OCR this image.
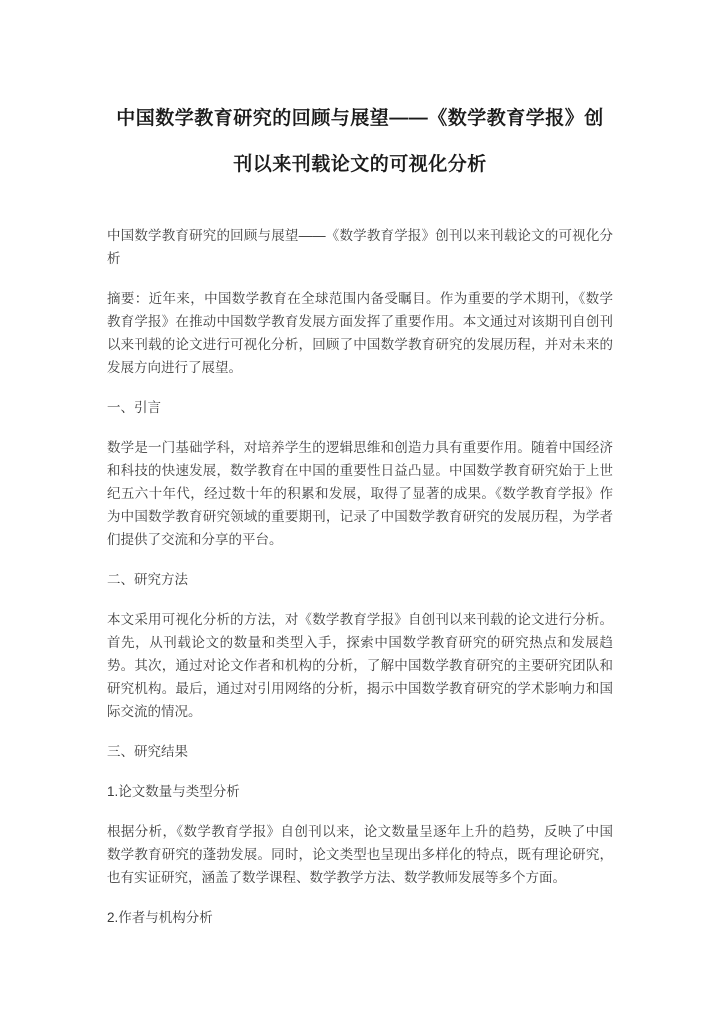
中国数学教育研究的回顾与展望——《数学教育学报》创刊以来刊载论文的可视化分析

中国数学教育研究的回顾与展望——《数学教育学报》创刊以来刊载论文的可视化分析

摘要：近年来，中国数学教育在全球范围内备受瞩目。作为重要的学术期刊，《数学教育学报》在推动中国数学教育发展方面发挥了重要作用。本文通过对该期刊自创刊以来刊载的论文进行可视化分析，回顾了中国数学教育研究的发展历程，并对未来的发展方向进行了展望。

一、引言

数学是一门基础学科，对培养学生的逻辑思维和创造力具有重要作用。随着中国经济和科技的快速发展，数学教育在中国的重要性日益凸显。中国数学教育研究始于上世纪五六十年代，经过数十年的积累和发展，取得了显著的成果。《数学教育学报》作为中国数学教育研究领域的重要期刊，记录了中国数学教育研究的发展历程，为学者们提供了交流和分享的平台。

二、研究方法

本文采用可视化分析的方法，对《数学教育学报》自创刊以来刊载的论文进行分析。首先，从刊载论文的数量和类型入手，探索中国数学教育研究的研究热点和发展趋势。其次，通过对论文作者和机构的分析，了解中国数学教育研究的主要研究团队和研究机构。最后，通过对引用网络的分析，揭示中国数学教育研究的学术影响力和国际交流的情况。

三、研究结果

1.论文数量与类型分析

根据分析，《数学教育学报》自创刊以来，论文数量呈逐年上升的趋势，反映了中国数学教育研究的蓬勃发展。同时，论文类型也呈现出多样化的特点，既有理论研究，也有实证研究，涵盖了数学课程、数学教学方法、数学教师发展等多个方面。

2.作者与机构分析
